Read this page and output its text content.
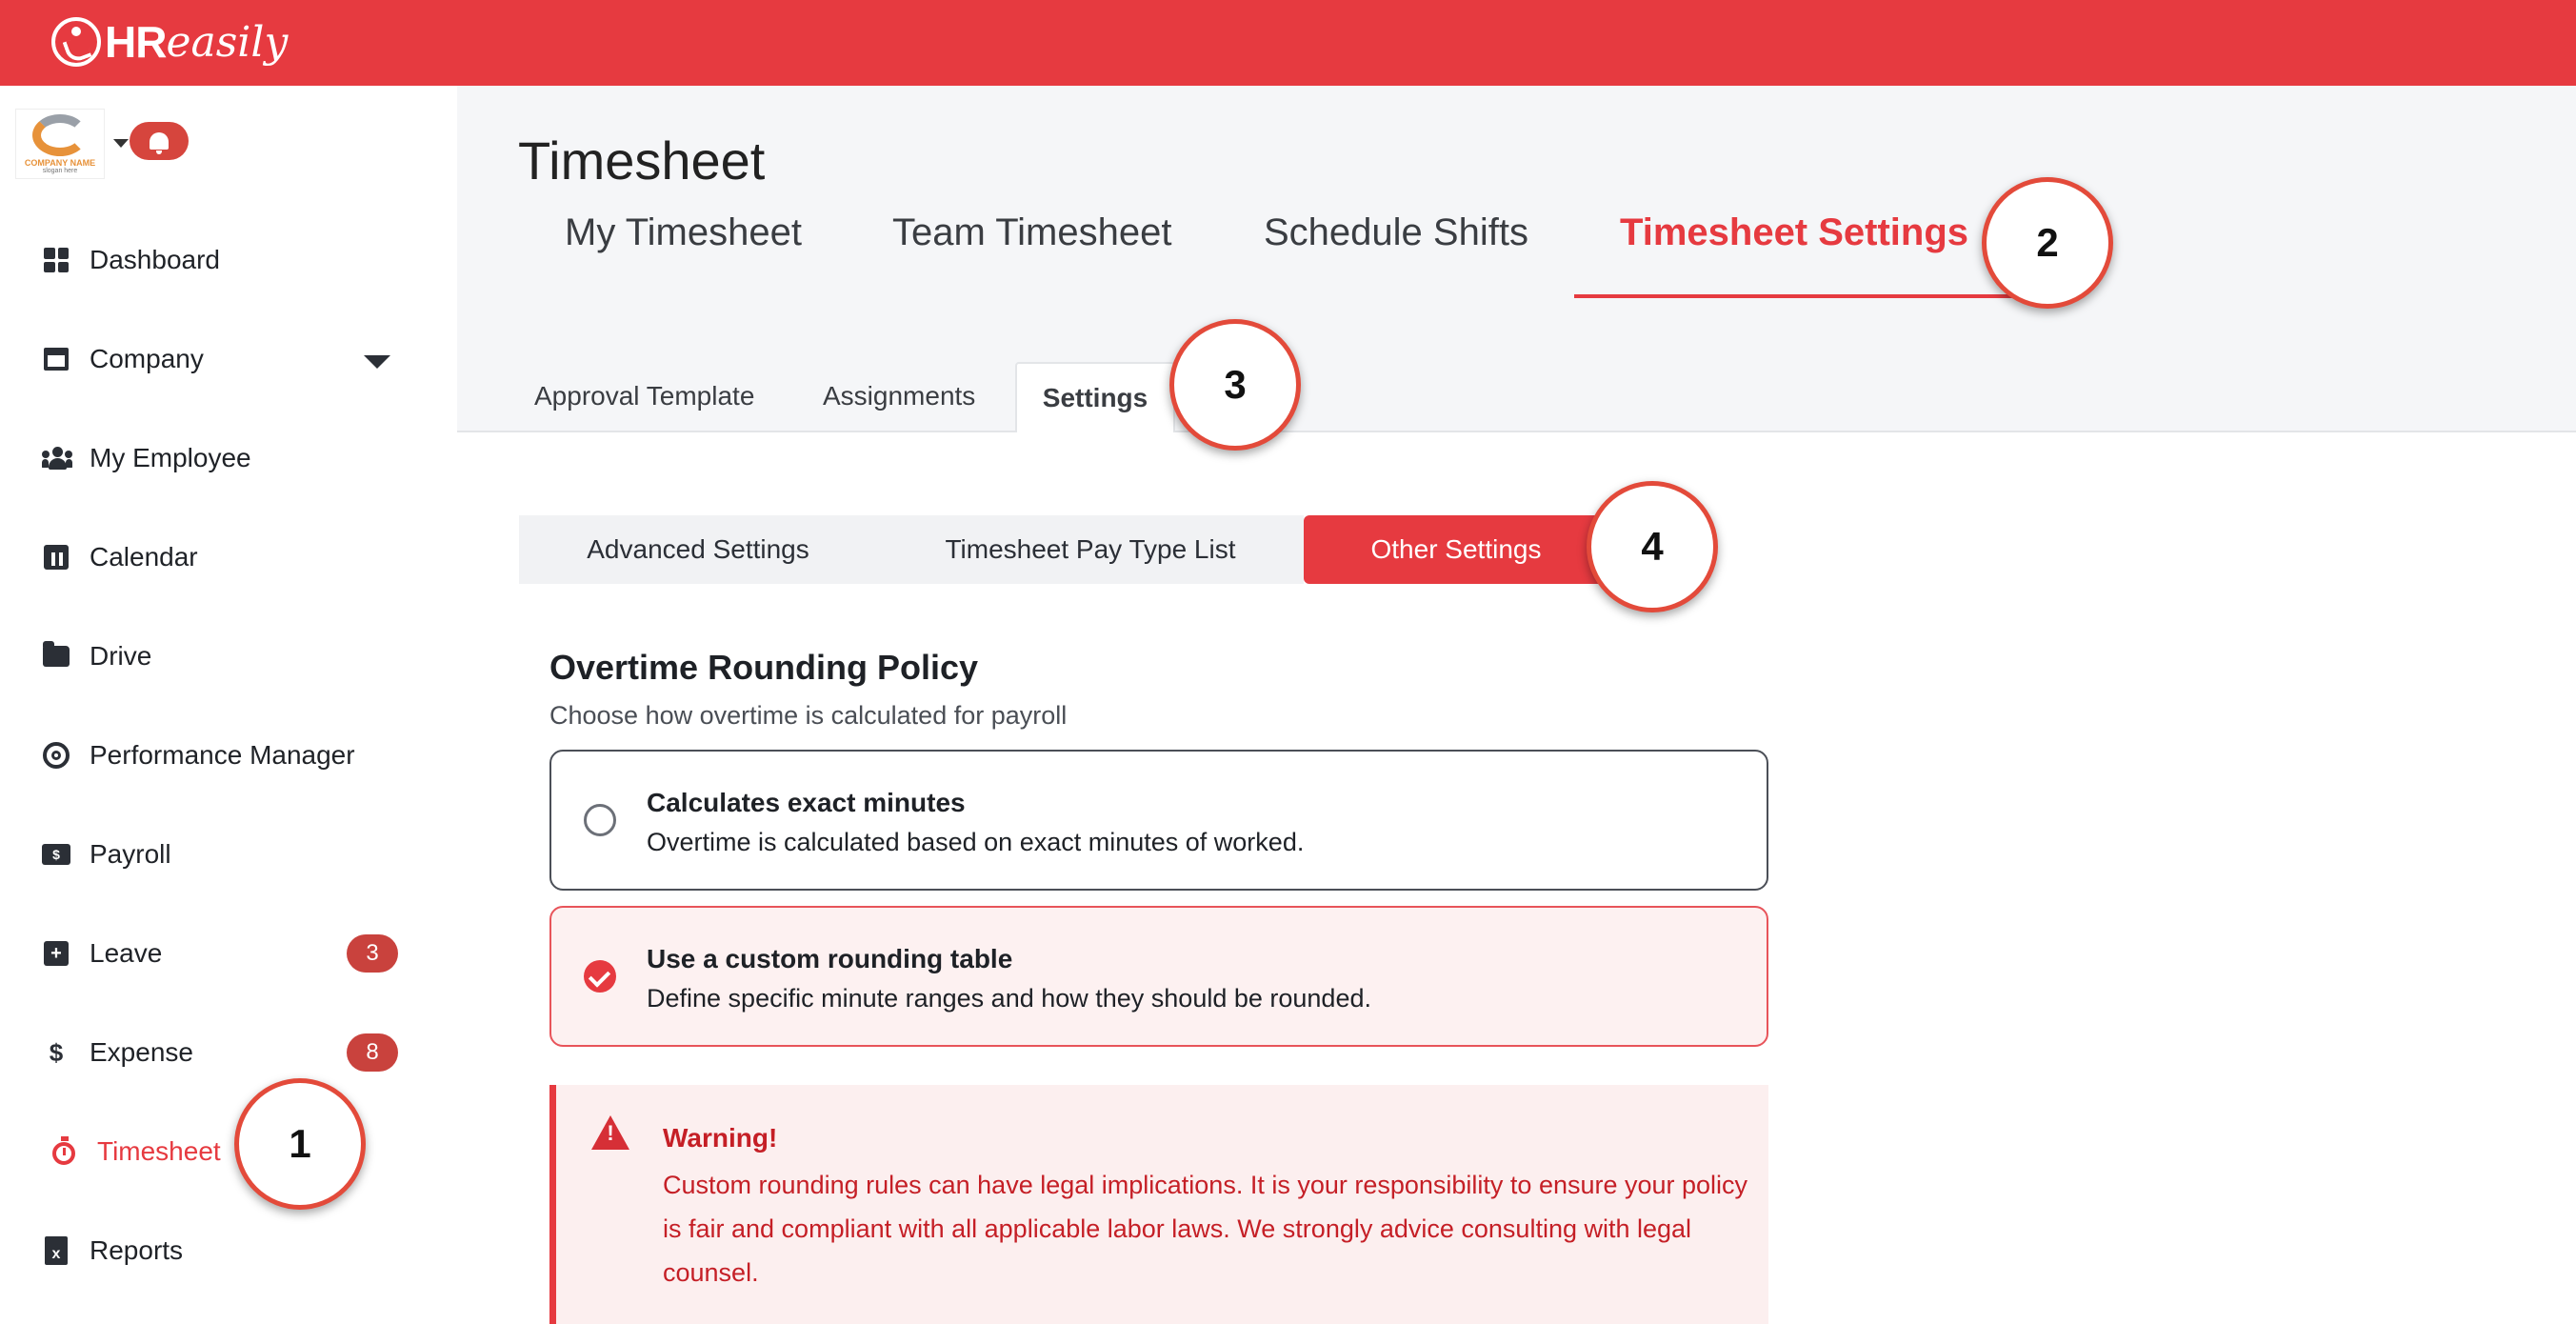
HR easily
COMPANY NAME
slogan here
Dashboard
Company
My Employee
Calendar
Drive
Performance Manager
$	Payroll
+ Leave	3
$ Expense	8
Timesheet
x Reports
Timesheet
My Timesheet Team Timesheet Schedule Shifts Timesheet Settings
Approval Template	Assignments	Settings
Advanced Settings	Timesheet Pay Type List	Other Settings
Overtime Rounding Policy
Choose how overtime is calculated for payroll
Calculates exact minutes
Overtime is calculated based on exact minutes of worked.
Use a custom rounding table
Define specific minute ranges and how they should be rounded.
! Warning!
Custom rounding rules can have legal implications. It is your responsibility to ensure your policy is fair and compliant with all applicable labor laws. We strongly advice consulting with legal counsel.
1
2
3
4
